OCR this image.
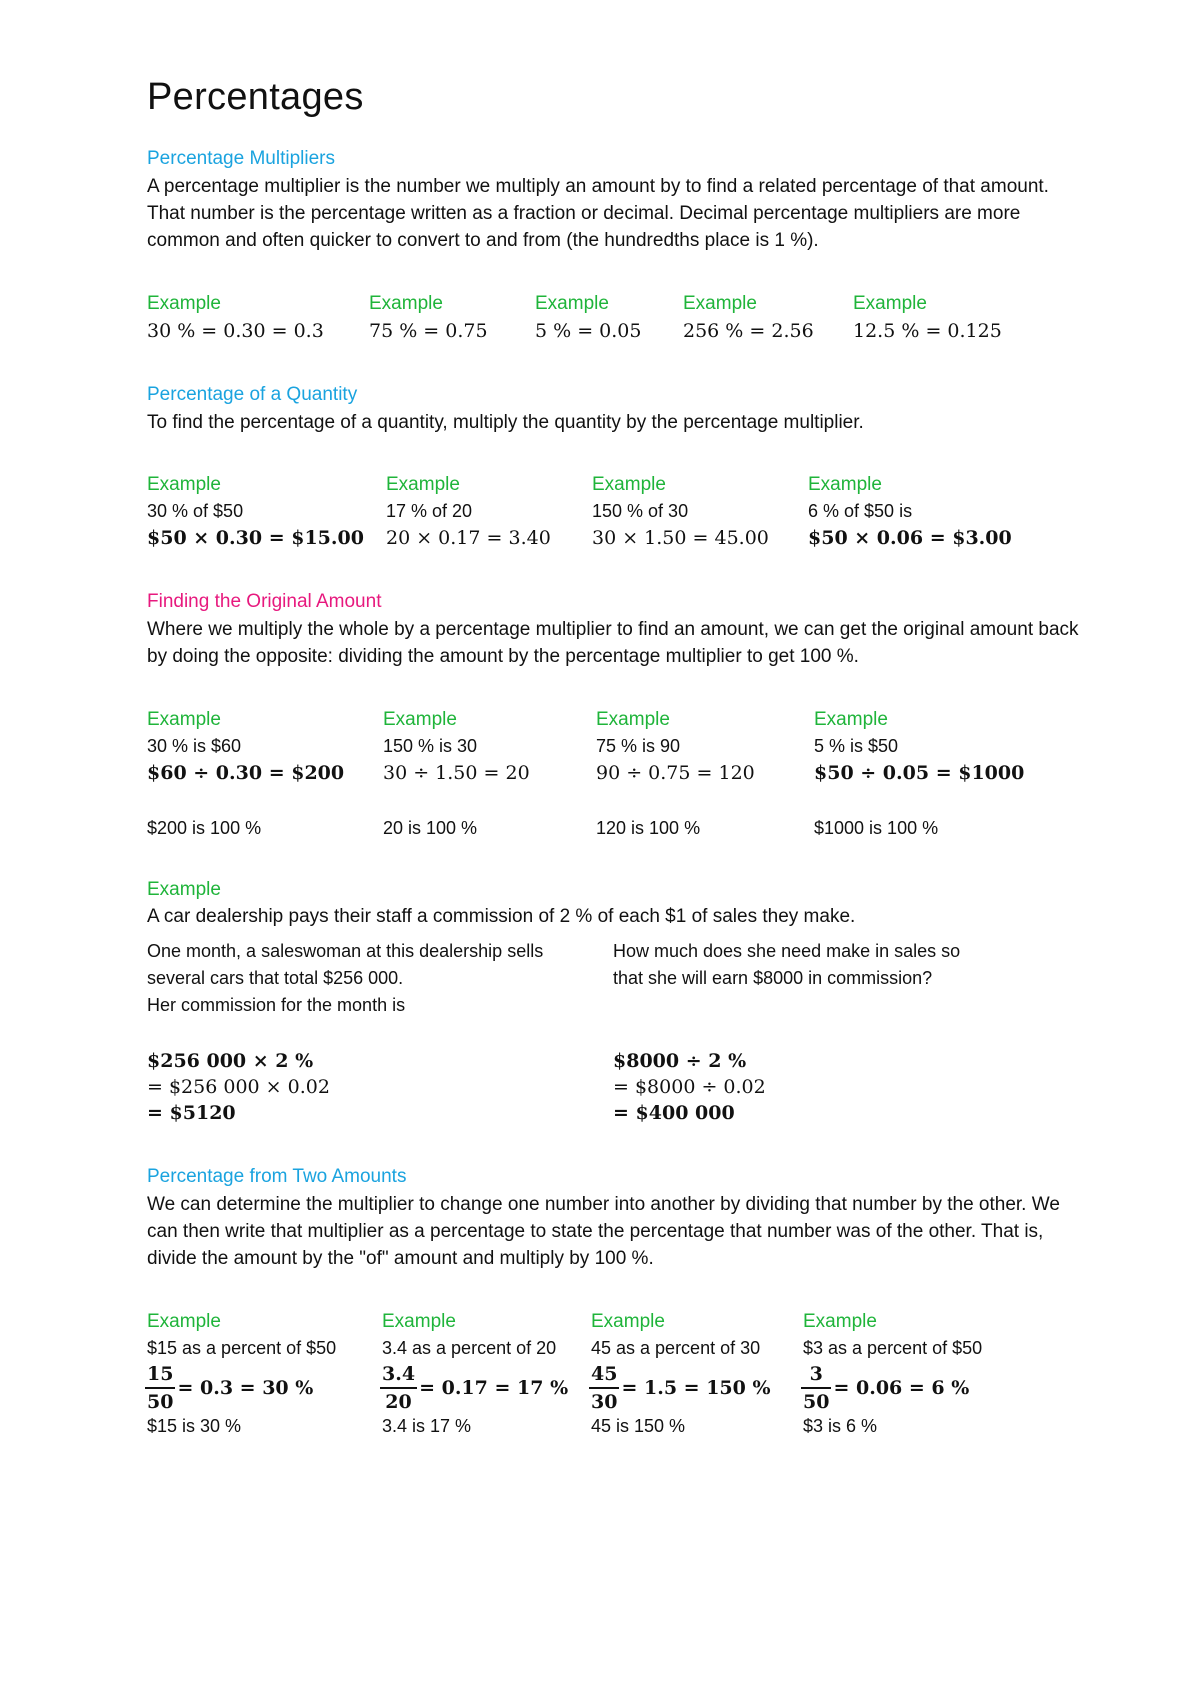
Percentages
Percentage Multipliers
A percentage multiplier is the number we multiply an amount by to find a related percentage of that amount. That number is the percentage written as a fraction or decimal. Decimal percentage multipliers are more common and often quicker to convert to and from (the hundredths place is 1 %).
Example
30 % = 0.30 = 0.3
Example
75 % = 0.75
Example
5 % = 0.05
Example
256 % = 2.56
Example
12.5 % = 0.125
Percentage of a Quantity
To find the percentage of a quantity, multiply the quantity by the percentage multiplier.
Example
30 % of $50
$50 × 0.30 = $15.00
Example
17 % of 20
20 × 0.17 = 3.40
Example
150 % of 30
30 × 1.50 = 45.00
Example
6 % of $50 is
$50 × 0.06 = $3.00
Finding the Original Amount
Where we multiply the whole by a percentage multiplier to find an amount, we can get the original amount back by doing the opposite: dividing the amount by the percentage multiplier to get 100 %.
Example
30 % is $60
$60 ÷ 0.30 = $200
$200 is 100 %
Example
150 % is 30
30 ÷ 1.50 = 20
20 is 100 %
Example
75 % is 90
90 ÷ 0.75 = 120
120 is 100 %
Example
5 % is $50
$50 ÷ 0.05 = $1000
$1000 is 100 %
Example
A car dealership pays their staff a commission of 2 % of each $1 of sales they make.
One month, a saleswoman at this dealership sells
several cars that total $256 000.
Her commission for the month is
$256 000 × 2 %
= $256 000 × 0.02
= $5120
How much does she need make in sales so
that she will earn $8000 in commission?
$8000 ÷ 2 %
= $8000 ÷ 0.02
= $400 000
Percentage from Two Amounts
We can determine the multiplier to change one number into another by dividing that number by the other. We can then write that multiplier as a percentage to state the percentage that number was of the other. That is, divide the amount by the "of" amount and multiply by 100 %.
Example
$15 as a percent of $50
$\frac{15}{50} = 0.3 = 30$ %
$15 is 30 %
Example
3.4 as a percent of 20
$\frac{3.4}{20} = 0.17 = 17$ %
3.4 is 17 %
Example
45 as a percent of 30
$\frac{45}{30} = 1.5 = 150$ %
45 is 150 %
Example
$3 as a percent of $50
$\frac{3}{50} = 0.06 = 6$ %
$3 is 6 %
